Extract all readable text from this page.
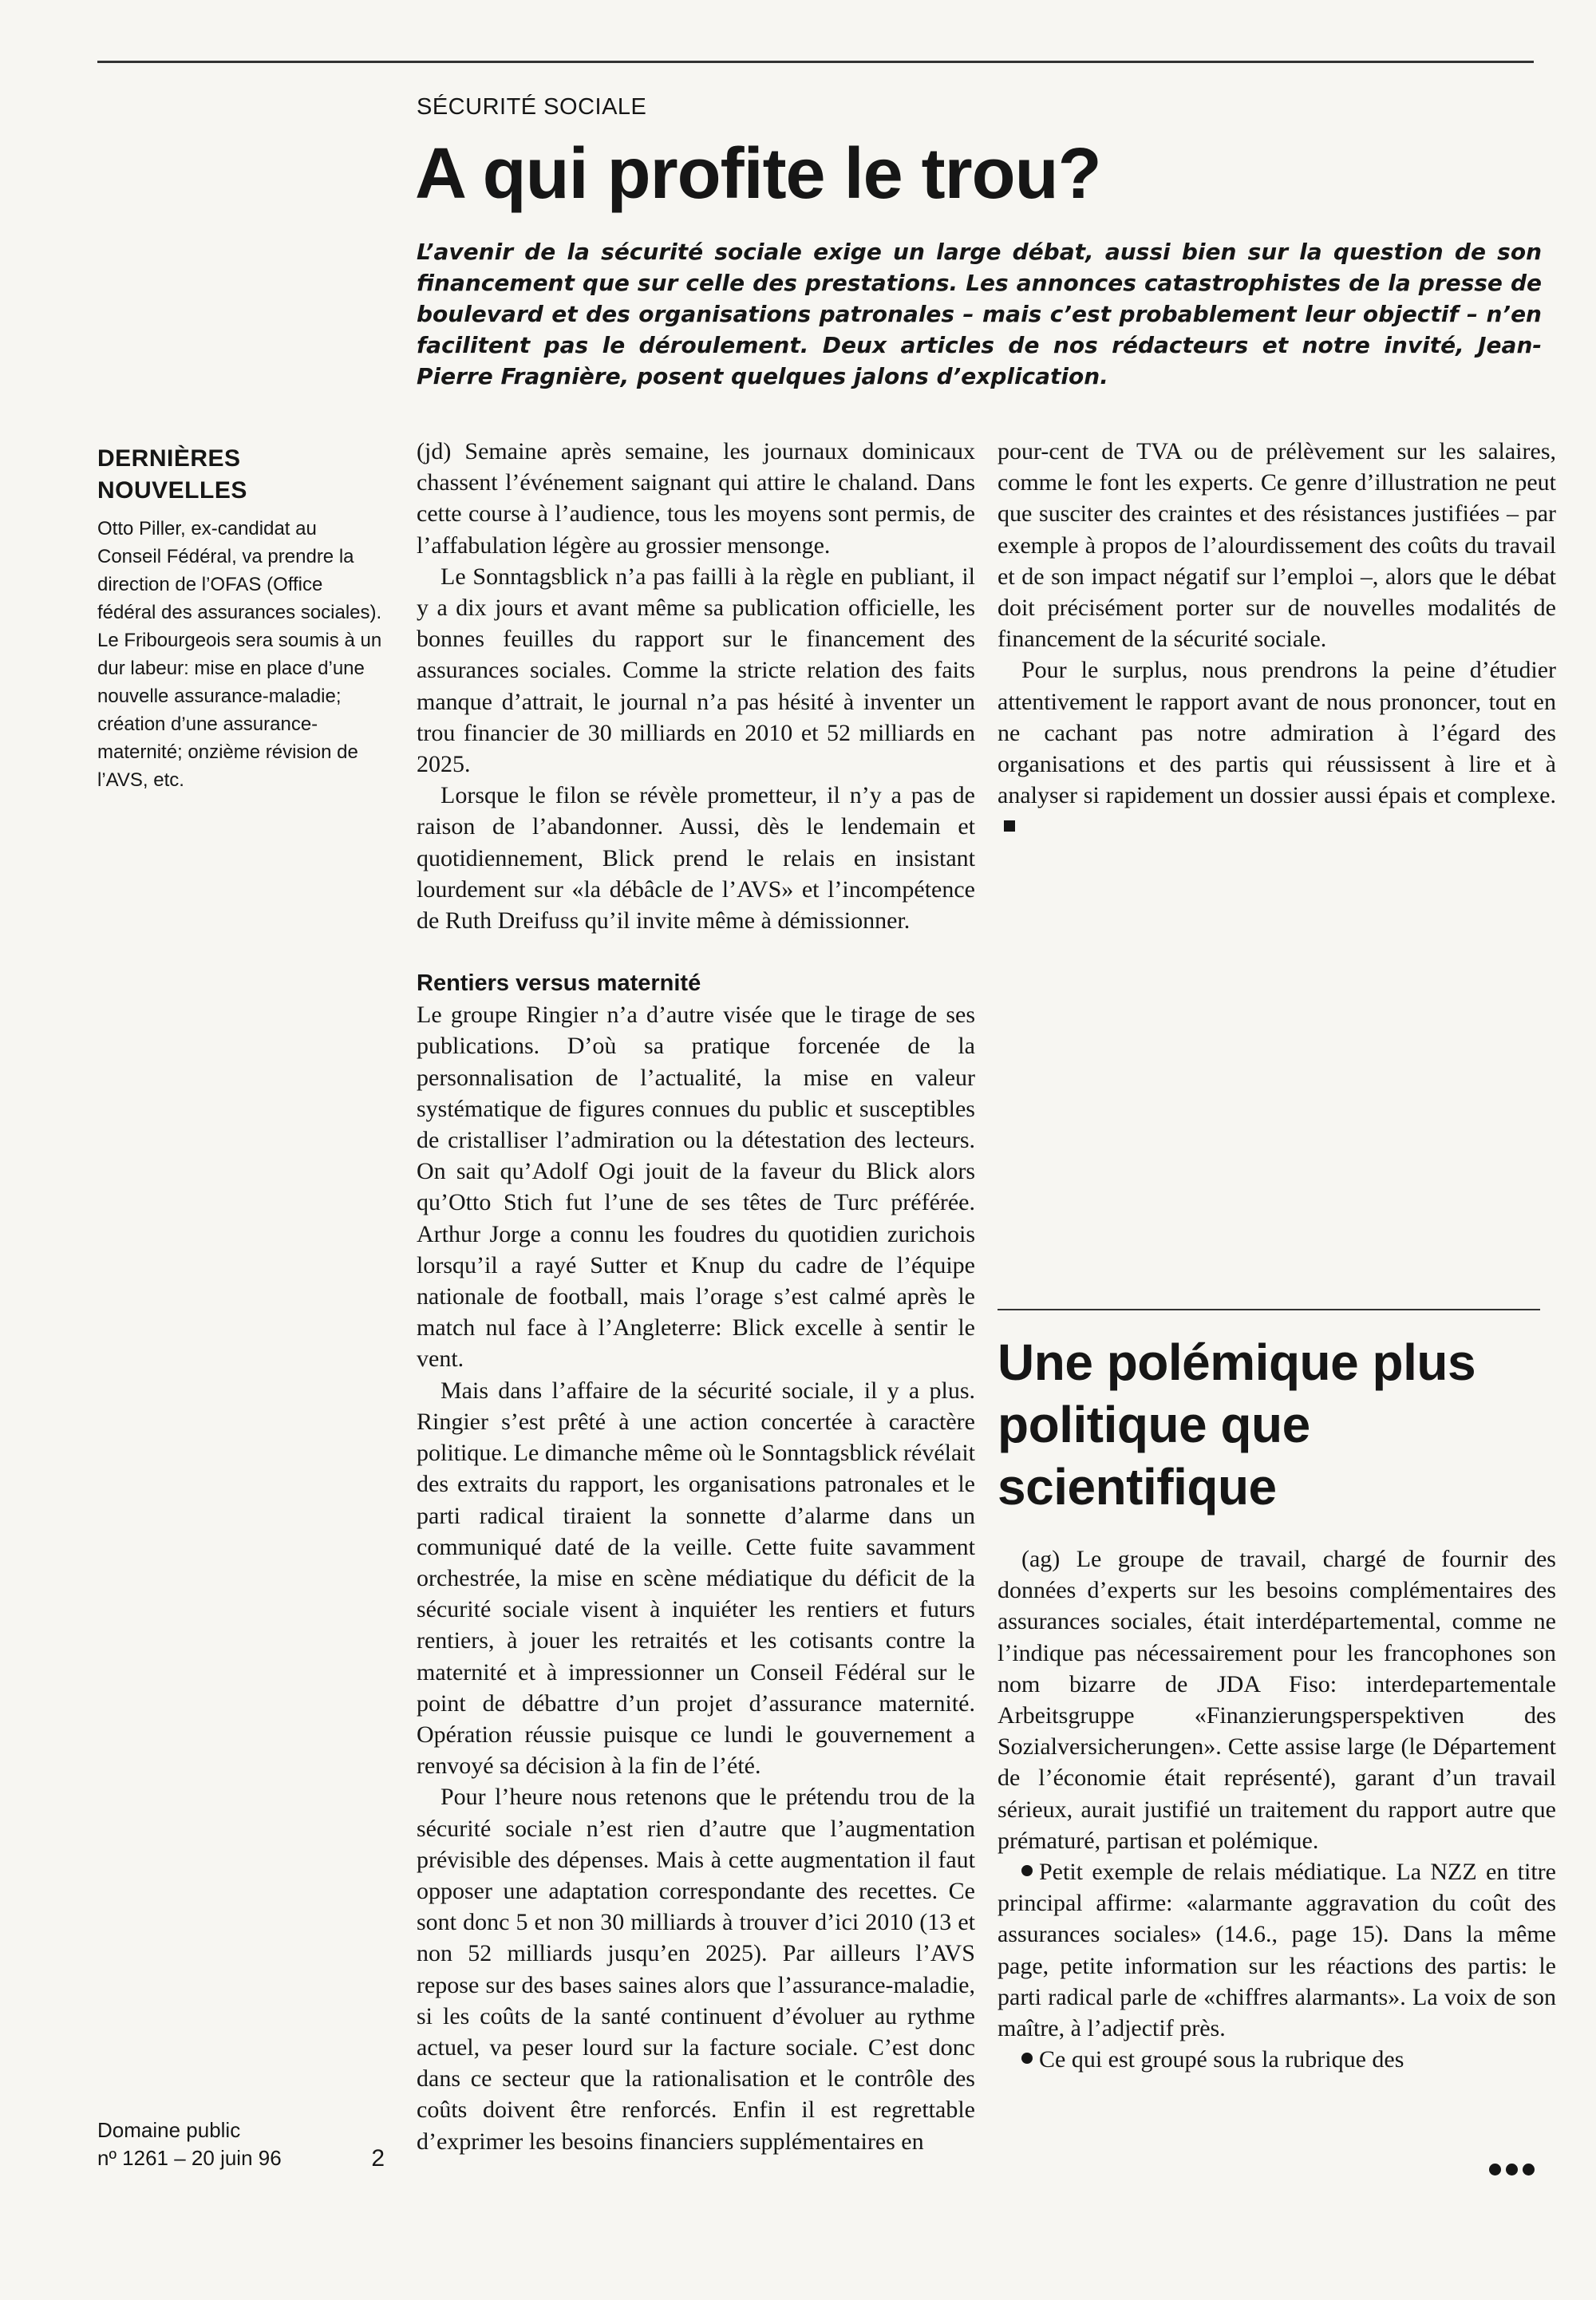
SÉCURITÉ SOCIALE
A qui profite le trou?

L’avenir de la sécurité sociale exige un large débat, aussi bien sur la question de son financement que sur celle des prestations. Les annonces catastrophistes de la presse de boulevard et des organisations patronales – mais c’est probablement leur objectif – n’en facilitent pas le déroulement. Deux articles de nos rédacteurs et notre invité, Jean-Pierre Fragnière, posent quelques jalons d’explication.

DERNIÈRES NOUVELLES

Otto Piller, ex-candidat au Conseil Fédéral, va prendre la direction de l’OFAS (Office fédéral des assurances sociales). Le Fribourgeois sera soumis à un dur labeur: mise en place d’une nouvelle assurance-maladie; création d’une assurance-maternité; onzième révision de l’AVS, etc.

Domaine public
nº 1261 – 20 juin 96	2

(jd) Semaine après semaine, les journaux dominicaux chassent l’événement saignant qui attire le chaland. Dans cette course à l’audience, tous les moyens sont permis, de l’affabulation légère au grossier mensonge.

Le Sonntagsblick n’a pas failli à la règle en publiant, il y a dix jours et avant même sa publication officielle, les bonnes feuilles du rapport sur le financement des assurances sociales. Comme la stricte relation des faits manque d’attrait, le journal n’a pas hésité à inventer un trou financier de 30 milliards en 2010 et 52 milliards en 2025.

Lorsque le filon se révèle prometteur, il n’y a pas de raison de l’abandonner. Aussi, dès le lendemain et quotidiennement, Blick prend le relais en insistant lourdement sur «la débâcle de l’AVS» et l’incompétence de Ruth Dreifuss qu’il invite même à démissionner.

Rentiers versus maternité

Le groupe Ringier n’a d’autre visée que le tirage de ses publications. D’où sa pratique forcenée de la personnalisation de l’actualité, la mise en valeur systématique de figures connues du public et susceptibles de cristalliser l’admiration ou la détestation des lecteurs. On sait qu’Adolf Ogi jouit de la faveur du Blick alors qu’Otto Stich fut l’une de ses têtes de Turc préférée. Arthur Jorge a connu les foudres du quotidien zurichois lorsqu’il a rayé Sutter et Knup du cadre de l’équipe nationale de football, mais l’orage s’est calmé après le match nul face à l’Angleterre: Blick excelle à sentir le vent.

Mais dans l’affaire de la sécurité sociale, il y a plus. Ringier s’est prêté à une action concertée à caractère politique. Le dimanche même où le Sonntagsblick révélait des extraits du rapport, les organisations patronales et le parti radical tiraient la sonnette d’alarme dans un communiqué daté de la veille. Cette fuite savamment orchestrée, la mise en scène médiatique du déficit de la sécurité sociale visent à inquiéter les rentiers et futurs rentiers, à jouer les retraités et les cotisants contre la maternité et à impressionner un Conseil Fédéral sur le point de débattre d’un projet d’assurance maternité. Opération réussie puisque ce lundi le gouvernement a renvoyé sa décision à la fin de l’été.

Pour l’heure nous retenons que le prétendu trou de la sécurité sociale n’est rien d’autre que l’augmentation prévisible des dépenses. Mais à cette augmentation il faut opposer une adaptation correspondante des recettes. Ce sont donc 5 et non 30 milliards à trouver d’ici 2010 (13 et non 52 milliards jusqu’en 2025). Par ailleurs l’AVS repose sur des bases saines alors que l’assurance-maladie, si les coûts de la santé continuent d’évoluer au rythme actuel, va peser lourd sur la facture sociale. C’est donc dans ce secteur que la rationalisation et le contrôle des coûts doivent être renforcés. Enfin il est regrettable d’exprimer les besoins financiers supplémentaires en

pour-cent de TVA ou de prélèvement sur les salaires, comme le font les experts. Ce genre d’illustration ne peut que susciter des craintes et des résistances justifiées – par exemple à propos de l’alourdissement des coûts du travail et de son impact négatif sur l’emploi –, alors que le débat doit précisément porter sur de nouvelles modalités de financement de la sécurité sociale.

Pour le surplus, nous prendrons la peine d’étudier attentivement le rapport avant de nous prononcer, tout en ne cachant pas notre admiration à l’égard des organisations et des partis qui réussissent à lire et à analyser si rapidement un dossier aussi épais et complexe.

Une polémique plus politique que scientifique

(ag) Le groupe de travail, chargé de fournir des données d’experts sur les besoins complémentaires des assurances sociales, était interdépartemental, comme ne l’indique pas nécessairement pour les francophones son nom bizarre de JDA Fiso: interdepartementale Arbeitsgruppe «Finanzierungsperspektiven des Sozialversicherungen». Cette assise large (le Département de l’économie était représenté), garant d’un travail sérieux, aurait justifié un traitement du rapport autre que prématuré, partisan et polémique.

Petit exemple de relais médiatique. La NZZ en titre principal affirme: «alarmante aggravation du coût des assurances sociales» (14.6., page 15). Dans la même page, petite information sur les réactions des partis: le parti radical parle de «chiffres alarmants». La voix de son maître, à l’adjectif près.

Ce qui est groupé sous la rubrique des
